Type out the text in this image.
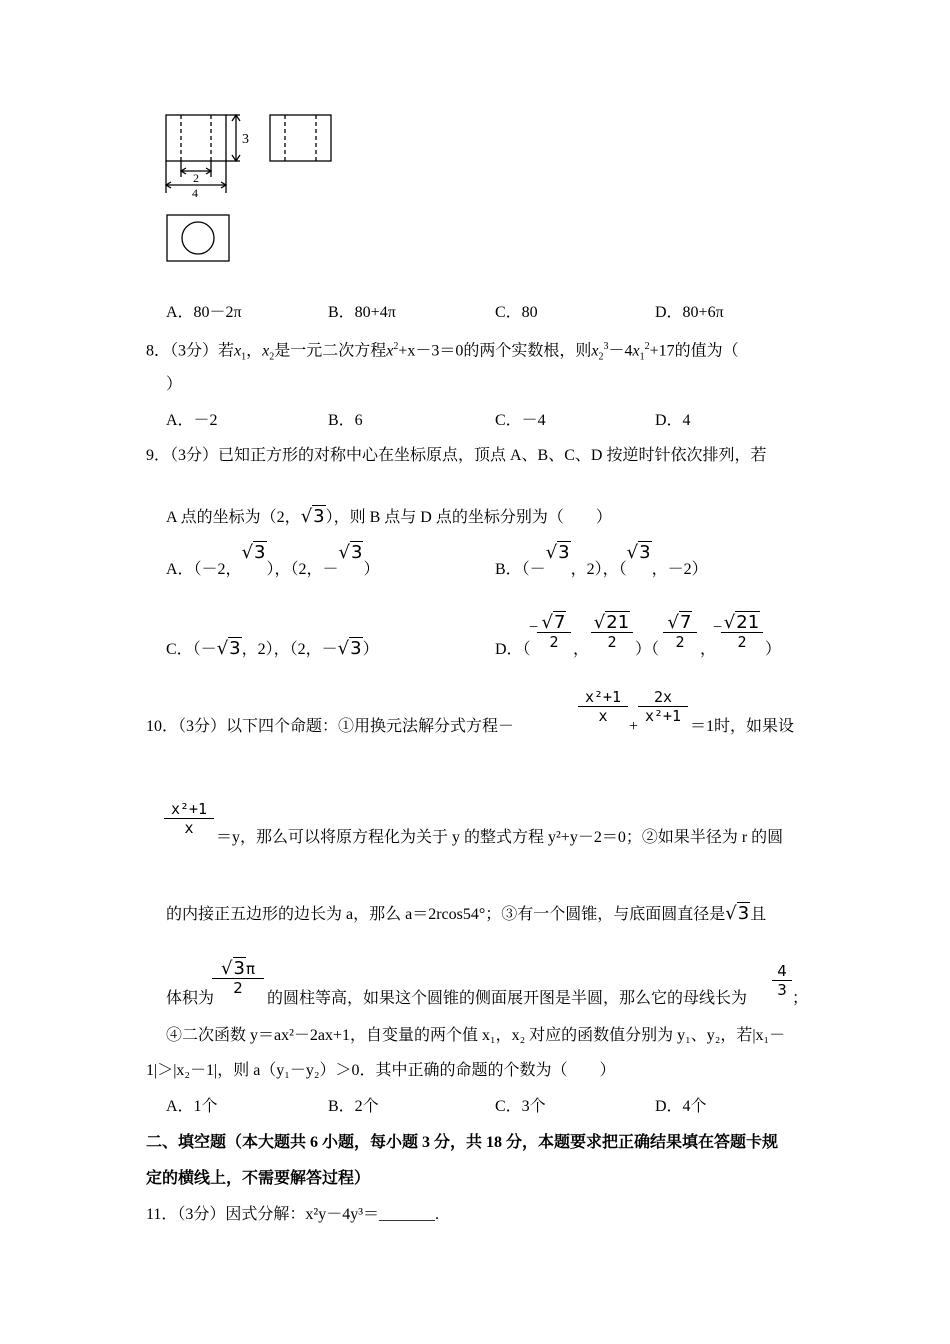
3
2
4
A．80－2π	B．80+4π	C．80	D．80+6π
8．（3分）若$x_1$，$x_2$是一元二次方程$x^2+x-3=0$的两个实数根，则$x_2^3-4x_1^2+17$的值为（
）
A．－2	B．6	C．－4	D．4
9．（3分）已知正方形的对称中心在坐标原点，顶点 A、B、C、D 按逆时针依次排列，若
A 点的坐标为（2，√3），则 B 点与 D 点的坐标分别为（　　）
A．（－2，√3），（2，－√3）	B．（－√3，2），（√3，－2）
C．（－√3，2），（2，－√3）	D．（
√7
2
−
，
√21
2	）（
√7
2 ，
− √21
2	）
10．（3分）以下四个命题：①用换元法解分式方程－
x²+1
x
+
2x
x²+1
＝1时，如果设
x²+1
x
＝y，那么可以将原方程化为关于 y 的整式方程 y²+y－2＝0；②如果半径为 r 的圆
的内接正五边形的边长为 a，那么 a＝2rcos54°；③有一个圆锥，与底面圆直径是√3且
体积为
√3π
2
的圆柱等高，如果这个圆锥的侧面展开图是半圆，那么它的母线长为
4
3 ；
④二次函数 y＝ax²－2ax+1，自变量的两个值 x₁，x₂ 对应的函数值分别为 y₁、y₂，若|x₁－
1|＞|x₂－1|，则 a（y₁－y₂）＞0．其中正确的命题的个数为（　　）
A．1个	B．2个	C．3个	D．4个
二、填空题（本大题共 6 小题，每小题 3 分，共 18 分，本题要求把正确结果填在答题卡规
定的横线上，不需要解答过程）
11．（3分）因式分解：x²y－4y³＝_______.
